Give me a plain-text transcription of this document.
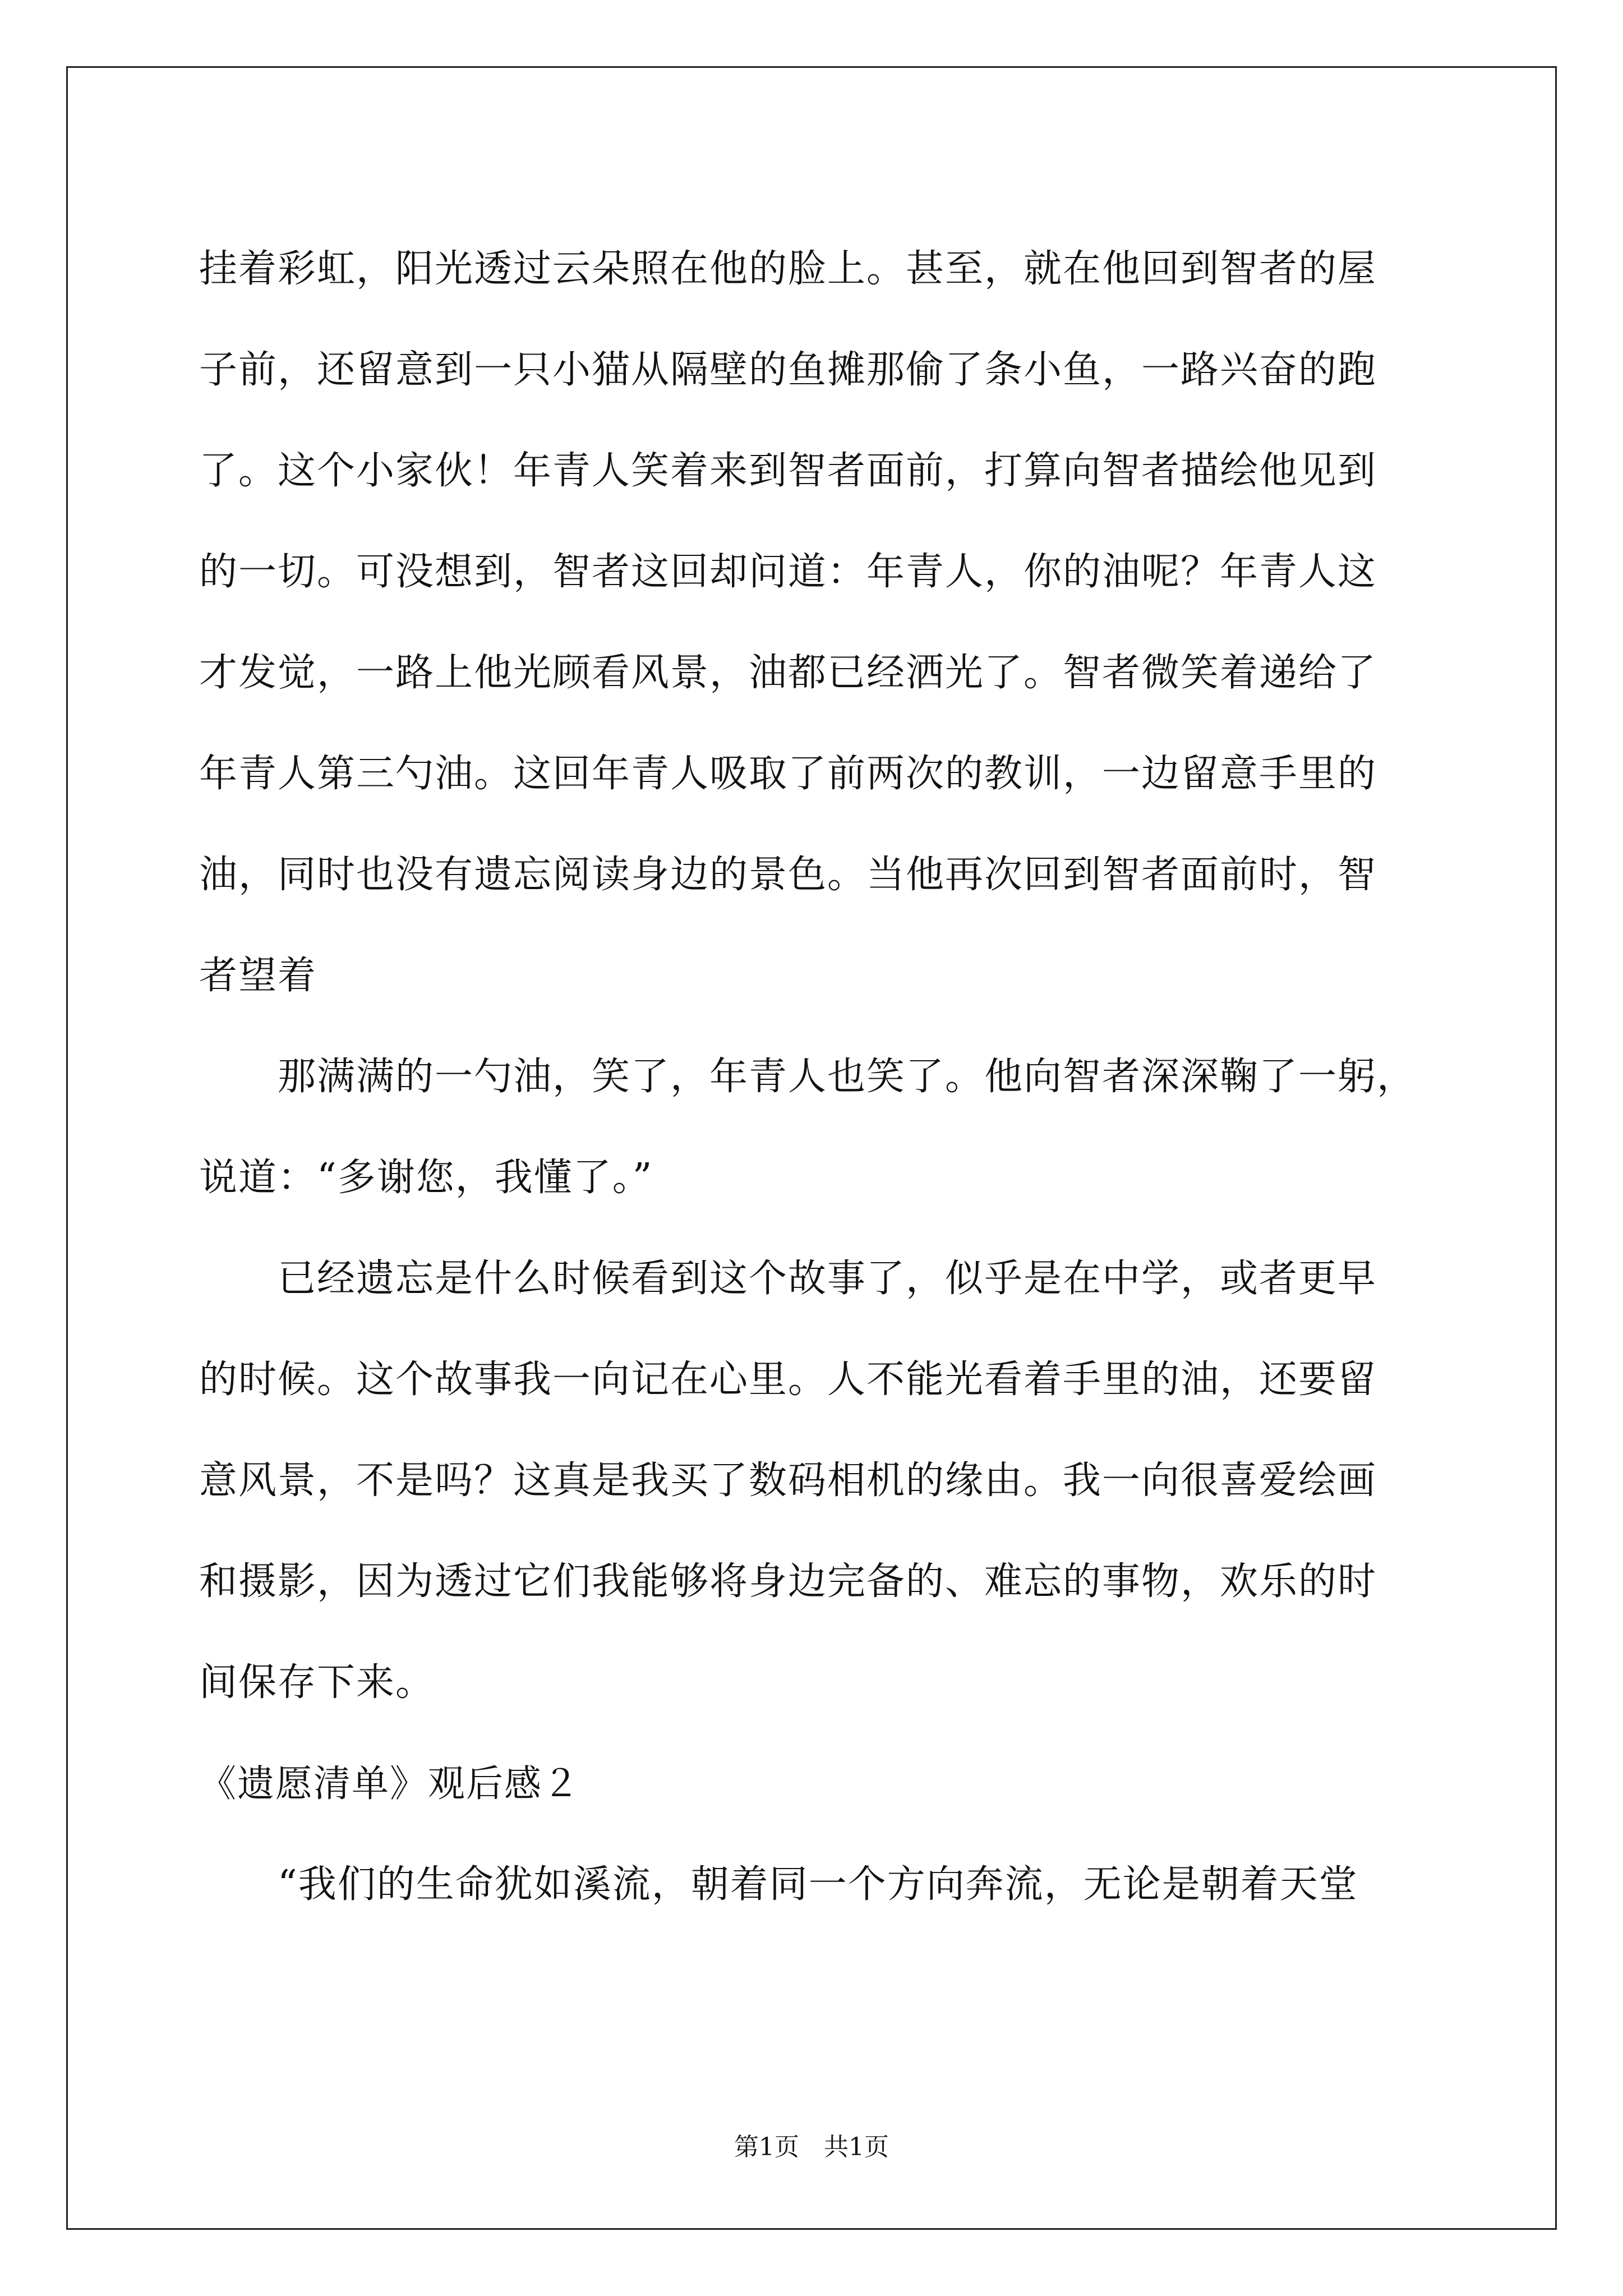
挂着彩虹，阳光透过云朵照在他的脸上。甚至，就在他回到智者的屋
子前，还留意到一只小猫从隔壁的鱼摊那偷了条小鱼，一路兴奋的跑
了。这个小家伙！年青人笑着来到智者面前，打算向智者描绘他见到
的一切。可没想到，智者这回却问道：年青人，你的油呢？年青人这
才发觉，一路上他光顾看风景，油都已经洒光了。智者微笑着递给了
年青人第三勺油。这回年青人吸取了前两次的教训，一边留意手里的
油，同时也没有遗忘阅读身边的景色。当他再次回到智者面前时，智
者望着
　　那满满的一勺油，笑了，年青人也笑了。他向智者深深鞠了一躬，
说道：“多谢您，我懂了。”
　　已经遗忘是什么时候看到这个故事了，似乎是在中学，或者更早
的时候。这个故事我一向记在心里。人不能光看着手里的油，还要留
意风景，不是吗？这真是我买了数码相机的缘由。我一向很喜爱绘画
和摄影，因为透过它们我能够将身边完备的、难忘的事物，欢乐的时
间保存下来。
《遗愿清单》观后感２
　　“我们的生命犹如溪流，朝着同一个方向奔流，无论是朝着天堂
第1页　共1页
